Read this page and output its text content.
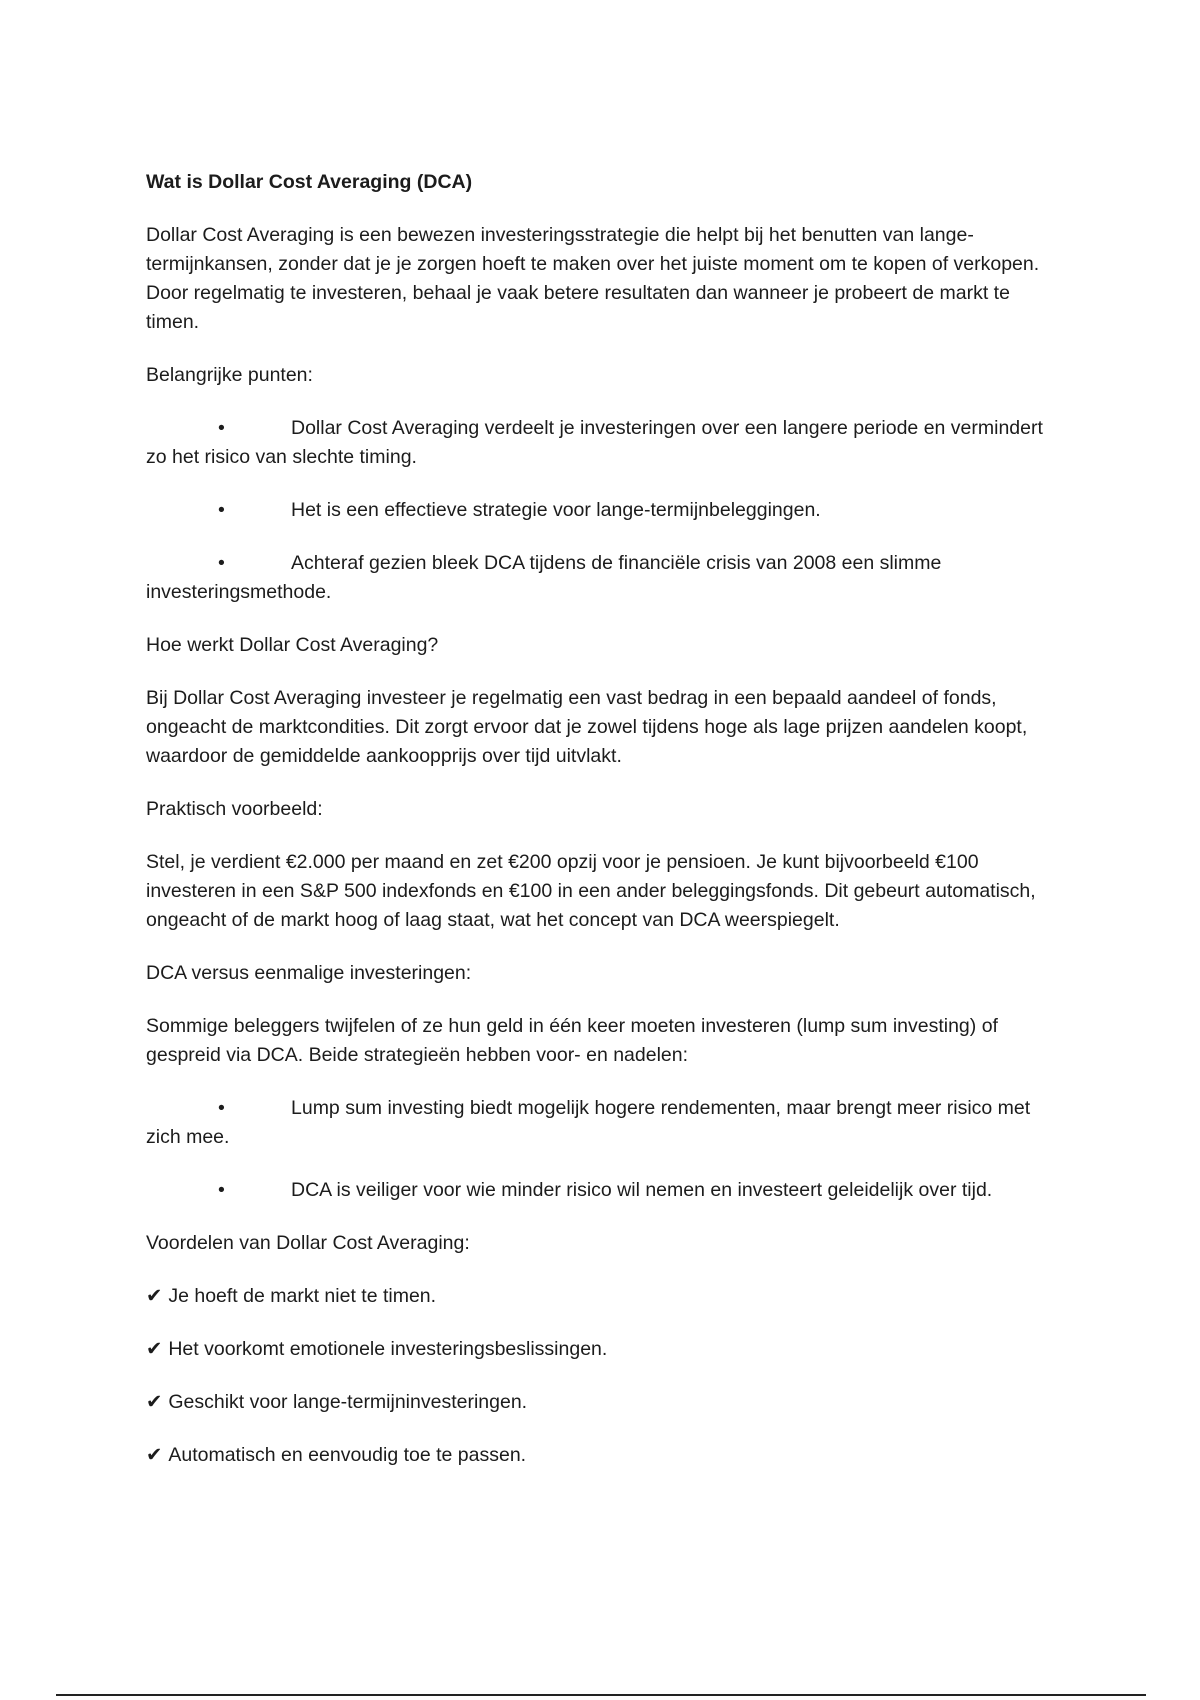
Wat is Dollar Cost Averaging (DCA)

Dollar Cost Averaging is een bewezen investeringsstrategie die helpt bij het benutten van lange-termijnkansen, zonder dat je je zorgen hoeft te maken over het juiste moment om te kopen of verkopen. Door regelmatig te investeren, behaal je vaak betere resultaten dan wanneer je probeert de markt te timen.

Belangrijke punten:

•	Dollar Cost Averaging verdeelt je investeringen over een langere periode en vermindert zo het risico van slechte timing.

•	Het is een effectieve strategie voor lange-termijnbeleggingen.

•	Achteraf gezien bleek DCA tijdens de financiële crisis van 2008 een slimme investeringsmethode.

Hoe werkt Dollar Cost Averaging?

Bij Dollar Cost Averaging investeer je regelmatig een vast bedrag in een bepaald aandeel of fonds, ongeacht de marktcondities. Dit zorgt ervoor dat je zowel tijdens hoge als lage prijzen aandelen koopt, waardoor de gemiddelde aankoopprijs over tijd uitvlakt.

Praktisch voorbeeld:

Stel, je verdient €2.000 per maand en zet €200 opzij voor je pensioen. Je kunt bijvoorbeeld €100 investeren in een S&P 500 indexfonds en €100 in een ander beleggingsfonds. Dit gebeurt automatisch, ongeacht of de markt hoog of laag staat, wat het concept van DCA weerspiegelt.

DCA versus eenmalige investeringen:

Sommige beleggers twijfelen of ze hun geld in één keer moeten investeren (lump sum investing) of gespreid via DCA. Beide strategieën hebben voor- en nadelen:

•	Lump sum investing biedt mogelijk hogere rendementen, maar brengt meer risico met zich mee.

•	DCA is veiliger voor wie minder risico wil nemen en investeert geleidelijk over tijd.

Voordelen van Dollar Cost Averaging:

✔ Je hoeft de markt niet te timen.

✔ Het voorkomt emotionele investeringsbeslissingen.

✔ Geschikt voor lange-termijninvesteringen.

✔ Automatisch en eenvoudig toe te passen.
